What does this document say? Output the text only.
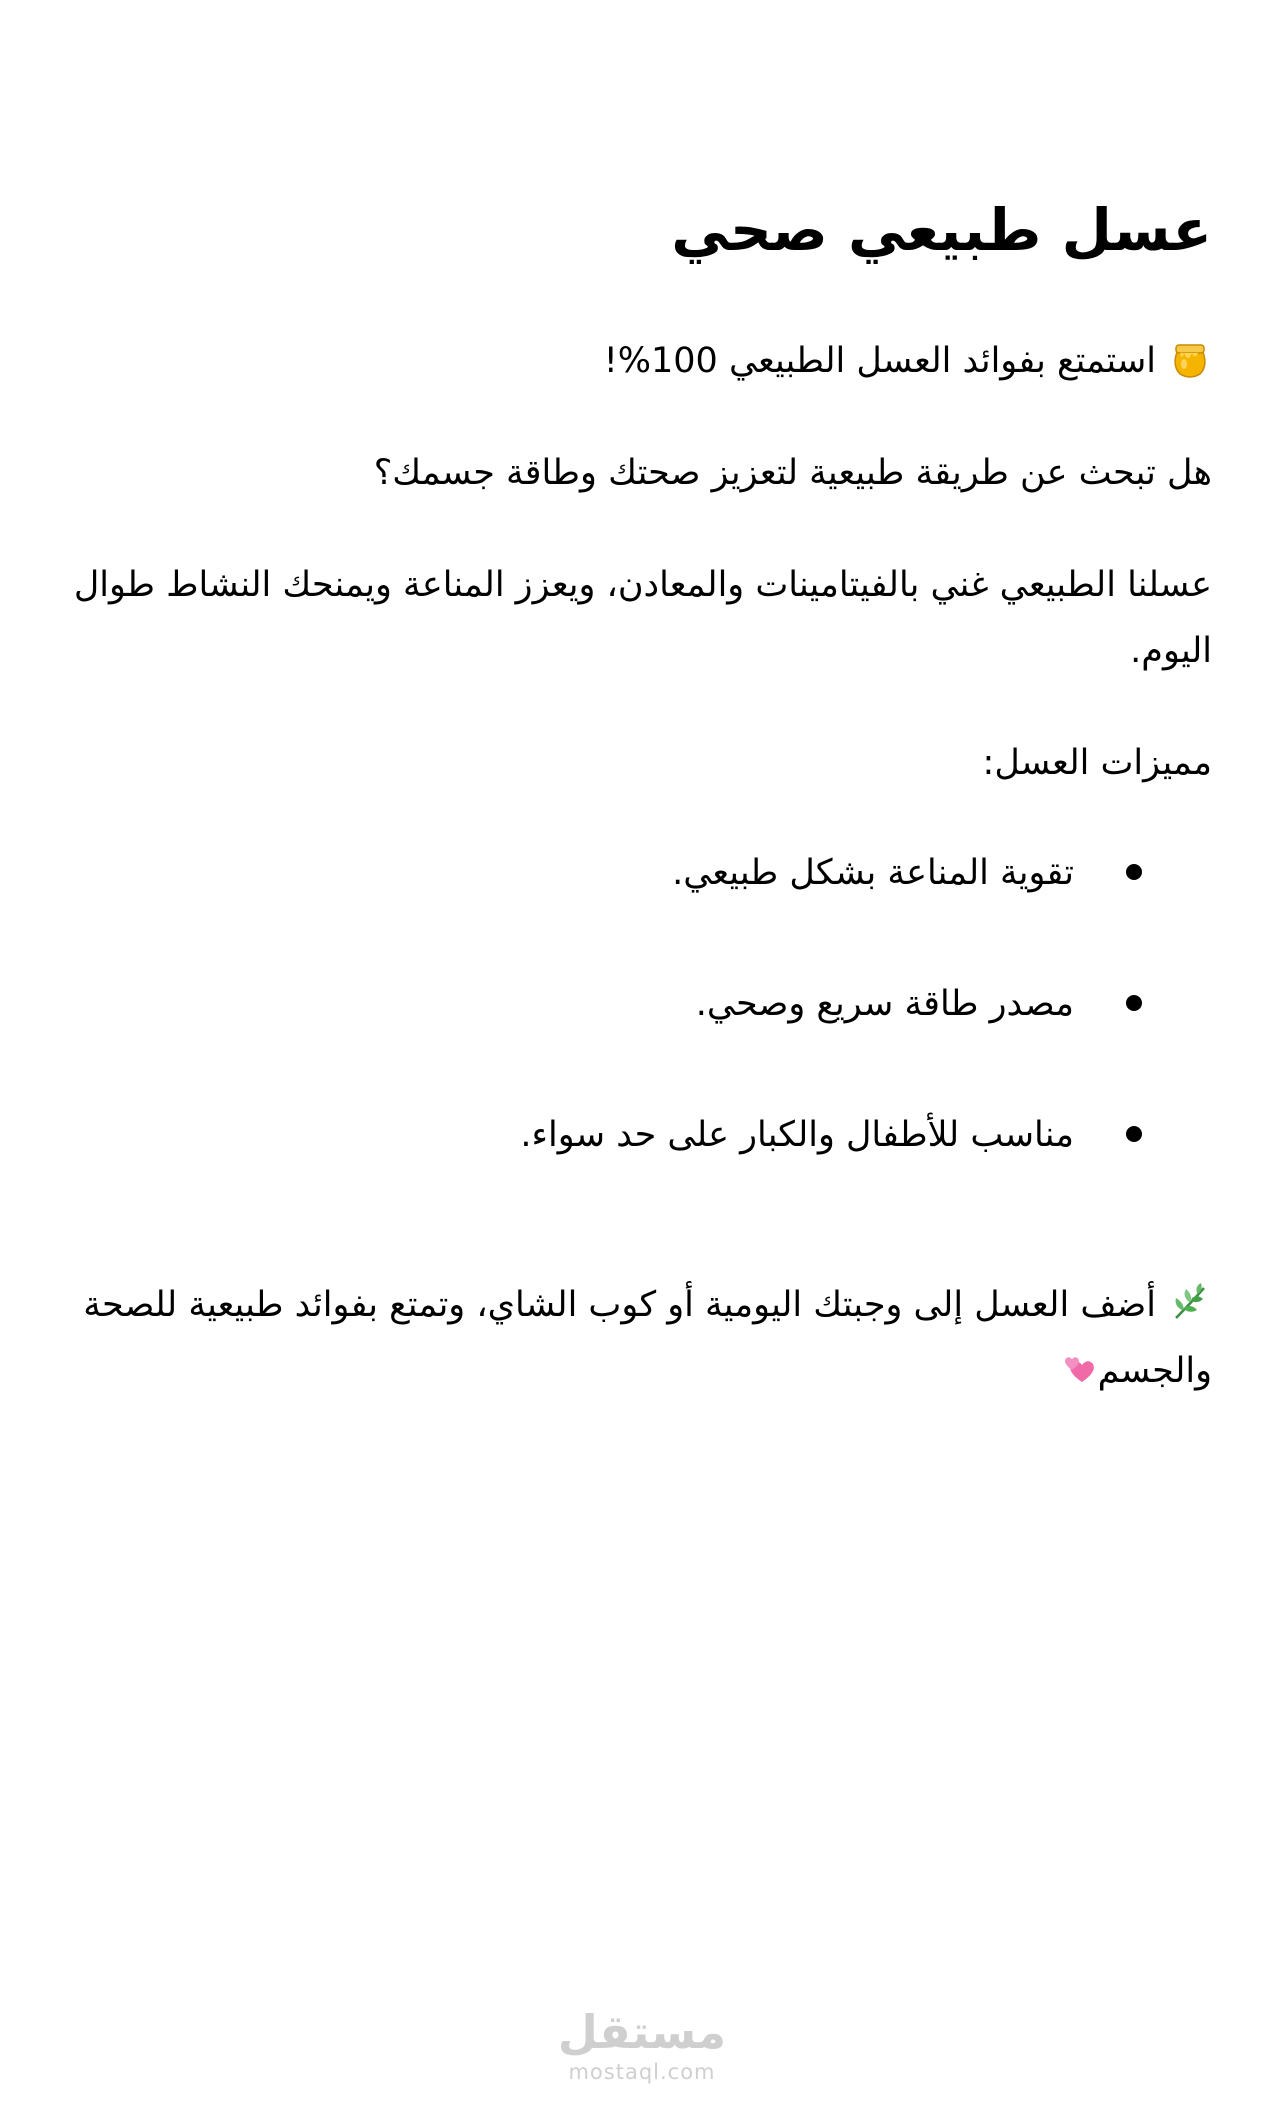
عسل طبيعي صحي

استمتع بفوائد العسل الطبيعي 100%!

هل تبحث عن طريقة طبيعية لتعزيز صحتك وطاقة جسمك؟

عسلنا الطبيعي غني بالفيتامينات والمعادن، ويعزز المناعة ويمنحك النشاط طوال اليوم.

مميزات العسل:

تقوية المناعة بشكل طبيعي.
مصدر طاقة سريع وصحي.
مناسب للأطفال والكبار على حد سواء.

أضف العسل إلى وجبتك اليومية أو كوب الشاي، وتمتع بفوائد طبيعية للصحة والجسم

مستقل
mostaql.com
